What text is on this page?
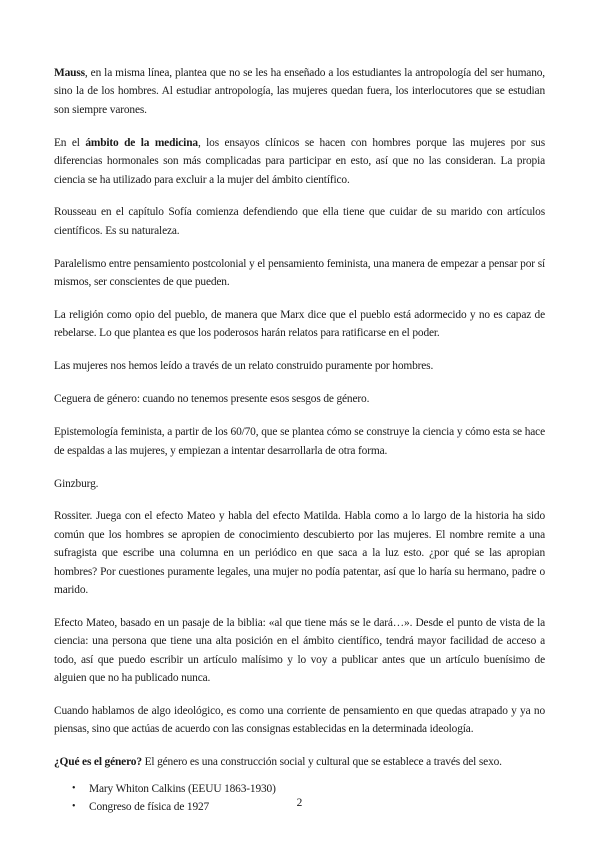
Mauss, en la misma línea, plantea que no se les ha enseñado a los estudiantes la antropología del ser humano, sino la de los hombres. Al estudiar antropología, las mujeres quedan fuera, los interlocutores que se estudian son siempre varones.

En el ámbito de la medicina, los ensayos clínicos se hacen con hombres porque las mujeres por sus diferencias hormonales son más complicadas para participar en esto, así que no las consideran. La propia ciencia se ha utilizado para excluir a la mujer del ámbito científico.

Rousseau en el capítulo Sofía comienza defendiendo que ella tiene que cuidar de su marido con artículos científicos. Es su naturaleza.

Paralelismo entre pensamiento postcolonial y el pensamiento feminista, una manera de empezar a pensar por sí mismos, ser conscientes de que pueden.

La religión como opio del pueblo, de manera que Marx dice que el pueblo está adormecido y no es capaz de rebelarse. Lo que plantea es que los poderosos harán relatos para ratificarse en el poder.

Las mujeres nos hemos leído a través de un relato construido puramente por hombres.

Ceguera de género: cuando no tenemos presente esos sesgos de género.

Epistemología feminista, a partir de los 60/70, que se plantea cómo se construye la ciencia y cómo esta se hace de espaldas a las mujeres, y empiezan a intentar desarrollarla de otra forma.

Ginzburg.

Rossiter. Juega con el efecto Mateo y habla del efecto Matilda. Habla como a lo largo de la historia ha sido común que los hombres se apropien de conocimiento descubierto por las mujeres. El nombre remite a una sufragista que escribe una columna en un periódico en que saca a la luz esto. ¿por qué se las apropian hombres? Por cuestiones puramente legales, una mujer no podía patentar, así que lo haría su hermano, padre o marido.

Efecto Mateo, basado en un pasaje de la biblia: «al que tiene más se le dará…». Desde el punto de vista de la ciencia: una persona que tiene una alta posición en el ámbito científico, tendrá mayor facilidad de acceso a todo, así que puedo escribir un artículo malísimo y lo voy a publicar antes que un artículo buenísimo de alguien que no ha publicado nunca.

Cuando hablamos de algo ideológico, es como una corriente de pensamiento en que quedas atrapado y ya no piensas, sino que actúas de acuerdo con las consignas establecidas en la determinada ideología.

¿Qué es el género? El género es una construcción social y cultural que se establece a través del sexo.

• Mary Whiton Calkins (EEUU 1863-1930)
• Congreso de física de 1927	2
